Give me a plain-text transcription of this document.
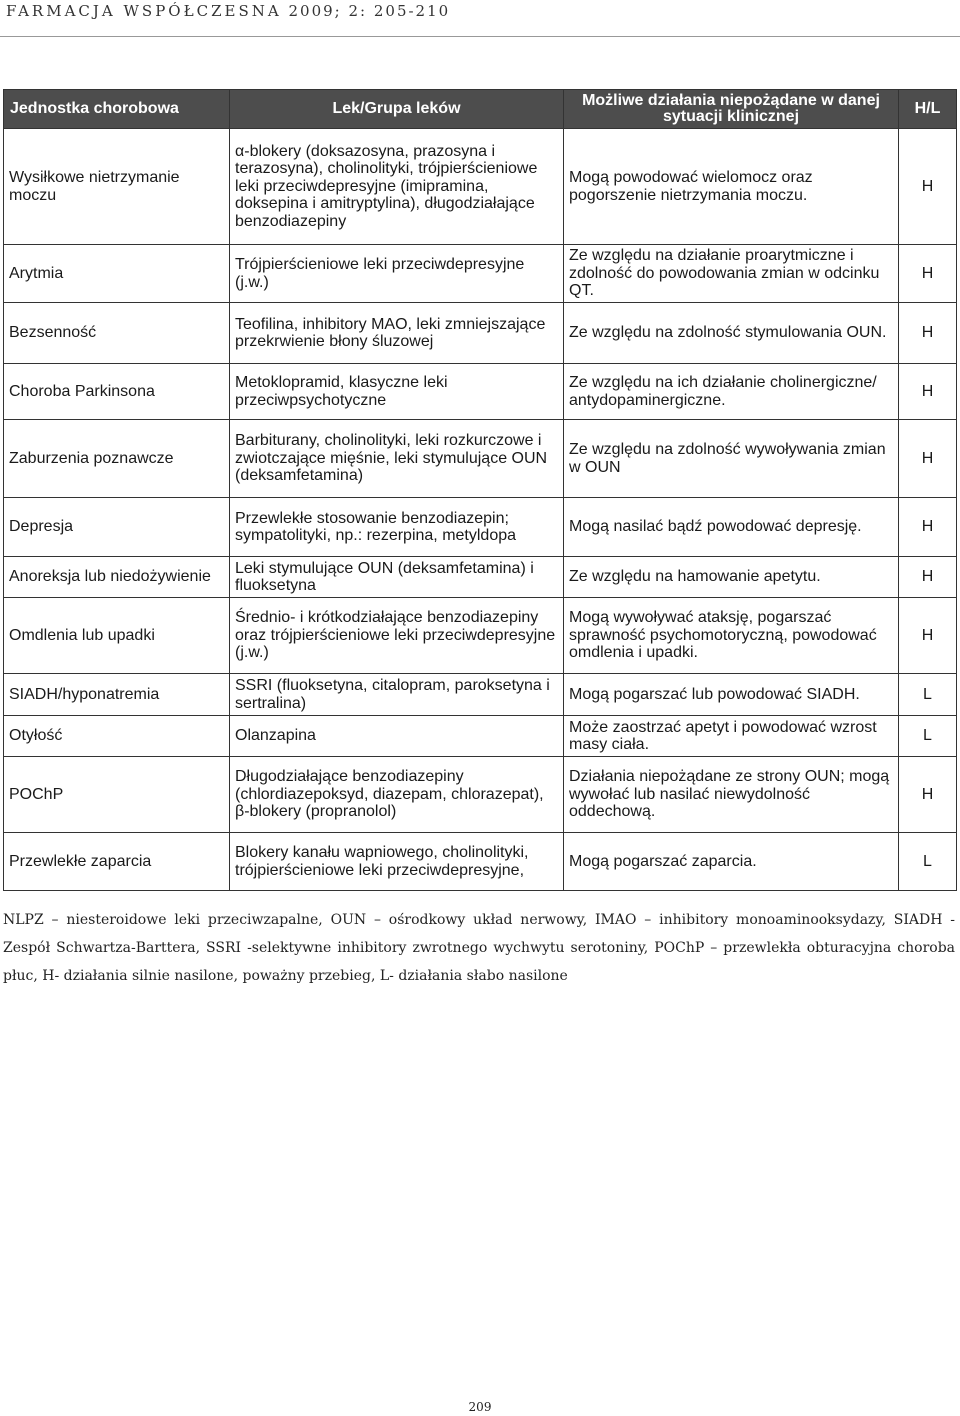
FARMACJA WSPÓŁCZESNA 2009; 2: 205-210
Jednostka chorobowa	Lek/Grupa leków	Możliwe działania niepożądane w danej sytuacji klinicznej	H/L
Wysiłkowe nietrzymanie moczu	α-blokery (doksazosyna, prazosyna i terazosyna), cholinolityki, trójpierścieniowe leki przeciwdepresyjne (imipramina, doksepina i amitryptylina), długodziałające benzodiazepiny	Mogą powodować wielomocz oraz pogorszenie nietrzymania moczu.	H
Arytmia	Trójpierścieniowe leki przeciwdepresyjne (j.w.)	Ze względu na działanie proarytmiczne i zdolność do powodowania zmian w odcinku QT.	H
Bezsenność	Teofilina, inhibitory MAO, leki zmniejszające przekrwienie błony śluzowej	Ze względu na zdolność stymulowania OUN.	H
Choroba Parkinsona	Metoklopramid, klasyczne leki przeciwpsychotyczne	Ze względu na ich działanie cholinergiczne/ antydopaminergiczne.	H
Zaburzenia poznawcze	Barbiturany, cholinolityki, leki rozkurczowe i zwiotczające mięśnie, leki stymulujące OUN (deksamfetamina)	Ze względu na zdolność wywoływania zmian w OUN	H
Depresja	Przewlekłe stosowanie benzodiazepin; sympatolityki, np.: rezerpina, metyldopa	Mogą nasilać bądź powodować depresję.	H
Anoreksja lub niedożywienie	Leki stymulujące OUN (deksamfetamina) i fluoksetyna	Ze względu na hamowanie apetytu.	H
Omdlenia lub upadki	Średnio- i krótkodziałające benzodiazepiny oraz trójpierścieniowe leki przeciwdepresyjne (j.w.)	Mogą wywoływać ataksję, pogarszać sprawność psychomotoryczną, powodować omdlenia i upadki.	H
SIADH/hyponatremia	SSRI (fluoksetyna, citalopram, paroksetyna i sertralina)	Mogą pogarszać lub powodować SIADH.	L
Otyłość	Olanzapina	Może zaostrzać apetyt i powodować wzrost masy ciała.	L
POChP	Długodziałające benzodiazepiny (chlordiazepoksyd, diazepam, chlorazepat), β-blokery (propranolol)	Działania niepożądane ze strony OUN; mogą wywołać lub nasilać niewydolność oddechową.	H
Przewlekłe zaparcia	Blokery kanału wapniowego, cholinolityki, trójpierścieniowe leki przeciwdepresyjne,	Mogą pogarszać zaparcia.	L
NLPZ – niesteroidowe leki przeciwzapalne, OUN – ośrodkowy układ nerwowy, IMAO – inhibitory monoaminooksydazy, SIADH - Zespół Schwartza-Barttera, SSRI -selektywne inhibitory zwrotnego wychwytu serotoniny, POChP – przewlekła obturacyjna choroba płuc, H- działania silnie nasilone, poważny przebieg, L- działania słabo nasilone
209
